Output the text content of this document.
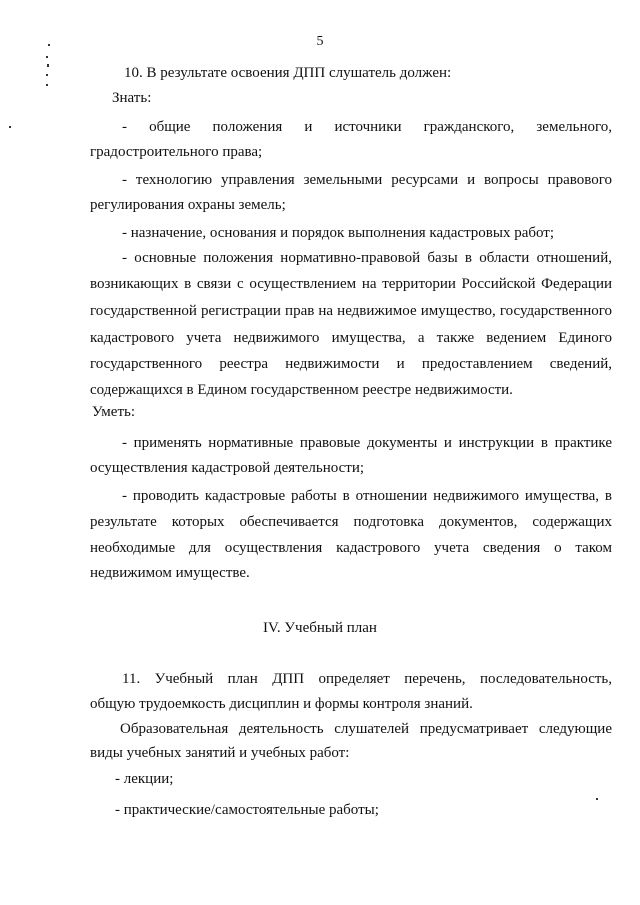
5
10. В результате освоения ДПП слушатель должен:
Знать:
- общие положения и источники гражданского, земельного,
градостроительного права;
- технологию управления земельными ресурсами и вопросы правового
регулирования охраны земель;
- назначение, основания и порядок выполнения кадастровых работ;
- основные положения нормативно-правовой базы в области отношений,
возникающих в связи с осуществлением на территории Российской Федерации
государственной регистрации прав на недвижимое имущество, государственного
кадастрового учета недвижимого имущества, а также ведением Единого
государственного реестра недвижимости и предоставлением сведений,
содержащихся в Едином государственном реестре недвижимости.
Уметь:
- применять нормативные правовые документы и инструкции в практике
осуществления кадастровой деятельности;
- проводить кадастровые работы в отношении недвижимого имущества, в
результате которых обеспечивается подготовка документов, содержащих
необходимые для осуществления кадастрового учета сведения о таком
недвижимом имуществе.
IV. Учебный план
11. Учебный план ДПП определяет перечень, последовательность,
общую трудоемкость дисциплин и формы контроля знаний.
Образовательная деятельность слушателей предусматривает следующие
виды учебных занятий и учебных работ:
- лекции;
- практические/самостоятельные работы;
